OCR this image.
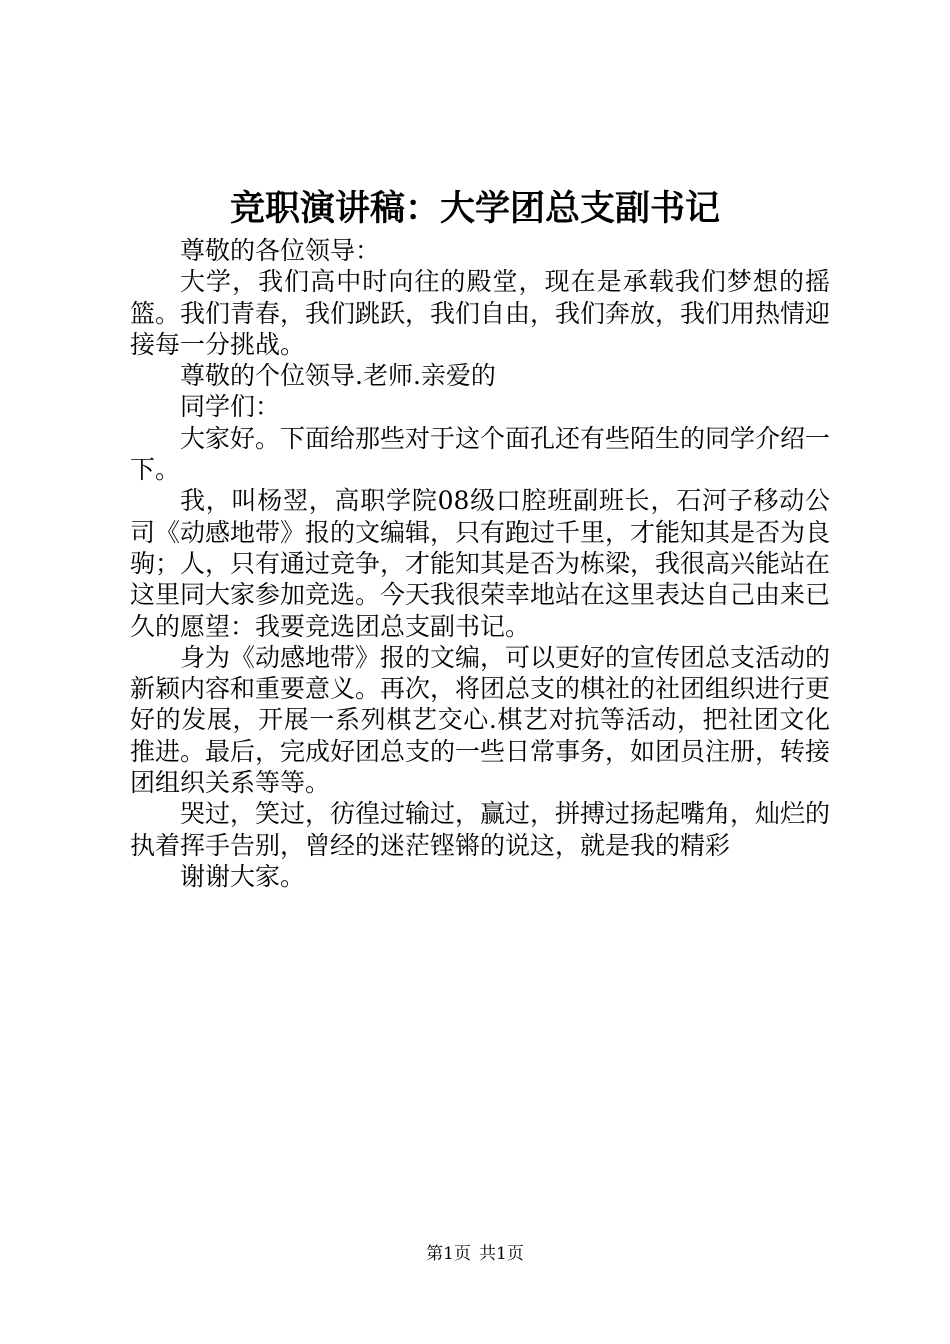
竞职演讲稿：大学团总支副书记

尊敬的各位领导：

大学，我们高中时向往的殿堂，现在是承载我们梦想的摇篮。我们青春，我们跳跃，我们自由，我们奔放，我们用热情迎接每一分挑战。

尊敬的个位领导.老师.亲爱的

同学们：

大家好。下面给那些对于这个面孔还有些陌生的同学介绍一下。

我，叫杨翌，高职学院08级口腔班副班长，石河子移动公司《动感地带》报的文编辑，只有跑过千里，才能知其是否为良驹；人，只有通过竞争，才能知其是否为栋梁，我很高兴能站在这里同大家参加竞选。今天我很荣幸地站在这里表达自己由来已久的愿望：我要竞选团总支副书记。

身为《动感地带》报的文编，可以更好的宣传团总支活动的新颖内容和重要意义。再次，将团总支的棋社的社团组织进行更好的发展，开展一系列棋艺交心.棋艺对抗等活动，把社团文化推进。最后，完成好团总支的一些日常事务，如团员注册，转接团组织关系等等。

哭过，笑过，彷徨过输过，赢过，拼搏过扬起嘴角，灿烂的执着挥手告别，曾经的迷茫铿锵的说这，就是我的精彩

谢谢大家。

第1页 共1页
